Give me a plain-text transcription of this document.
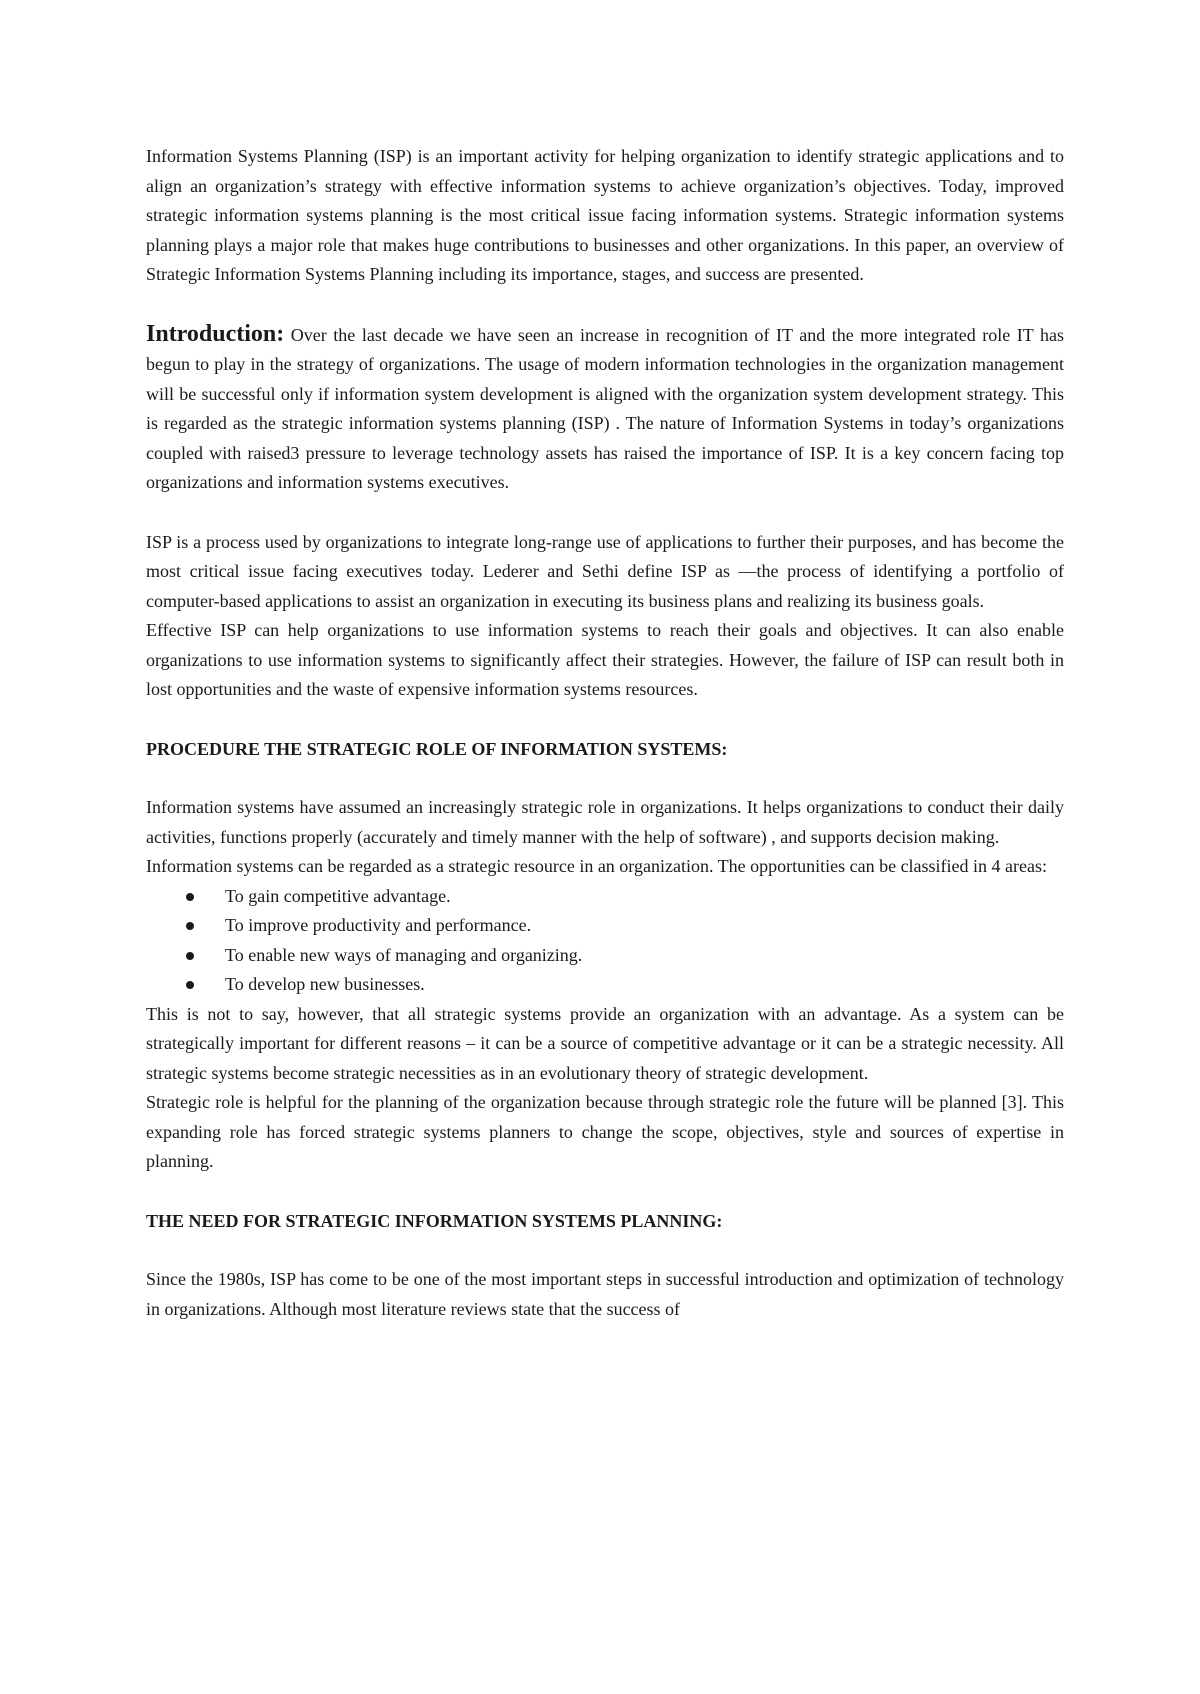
Information Systems Planning (ISP) is an important activity for helping organization to identify strategic applications and to align an organization’s strategy with effective information systems to achieve organization’s objectives. Today, improved strategic information systems planning is the most critical issue facing information systems. Strategic information systems planning plays a major role that makes huge contributions to businesses and other organizations. In this paper, an overview of Strategic Information Systems Planning including its importance, stages, and success are presented.

Introduction: Over the last decade we have seen an increase in recognition of IT and the more integrated role IT has begun to play in the strategy of organizations. The usage of modern information technologies in the organization management will be successful only if information system development is aligned with the organization system development strategy. This is regarded as the strategic information systems planning (ISP) . The nature of Information Systems in today’s organizations coupled with raised3 pressure to leverage technology assets has raised the importance of ISP. It is a key concern facing top organizations and information systems executives.

ISP is a process used by organizations to integrate long-range use of applications to further their purposes, and has become the most critical issue facing executives today. Lederer and Sethi define ISP as —the process of identifying a portfolio of computer-based applications to assist an organization in executing its business plans and realizing its business goals.

Effective ISP can help organizations to use information systems to reach their goals and objectives. It can also enable organizations to use information systems to significantly affect their strategies. However, the failure of ISP can result both in lost opportunities and the waste of expensive information systems resources.

PROCEDURE THE STRATEGIC ROLE OF INFORMATION SYSTEMS:

Information systems have assumed an increasingly strategic role in organizations. It helps organizations to conduct their daily activities, functions properly (accurately and timely manner with the help of software) , and supports decision making.

Information systems can be regarded as a strategic resource in an organization. The opportunities can be classified in 4 areas:

To gain competitive advantage.
To improve productivity and performance.
To enable new ways of managing and organizing.
To develop new businesses.

This is not to say, however, that all strategic systems provide an organization with an advantage. As a system can be strategically important for different reasons – it can be a source of competitive advantage or it can be a strategic necessity. All strategic systems become strategic necessities as in an evolutionary theory of strategic development.

Strategic role is helpful for the planning of the organization because through strategic role the future will be planned [3]. This expanding role has forced strategic systems planners to change the scope, objectives, style and sources of expertise in planning.

THE NEED FOR STRATEGIC INFORMATION SYSTEMS PLANNING:

Since the 1980s, ISP has come to be one of the most important steps in successful introduction and optimization of technology in organizations. Although most literature reviews state that the success of
